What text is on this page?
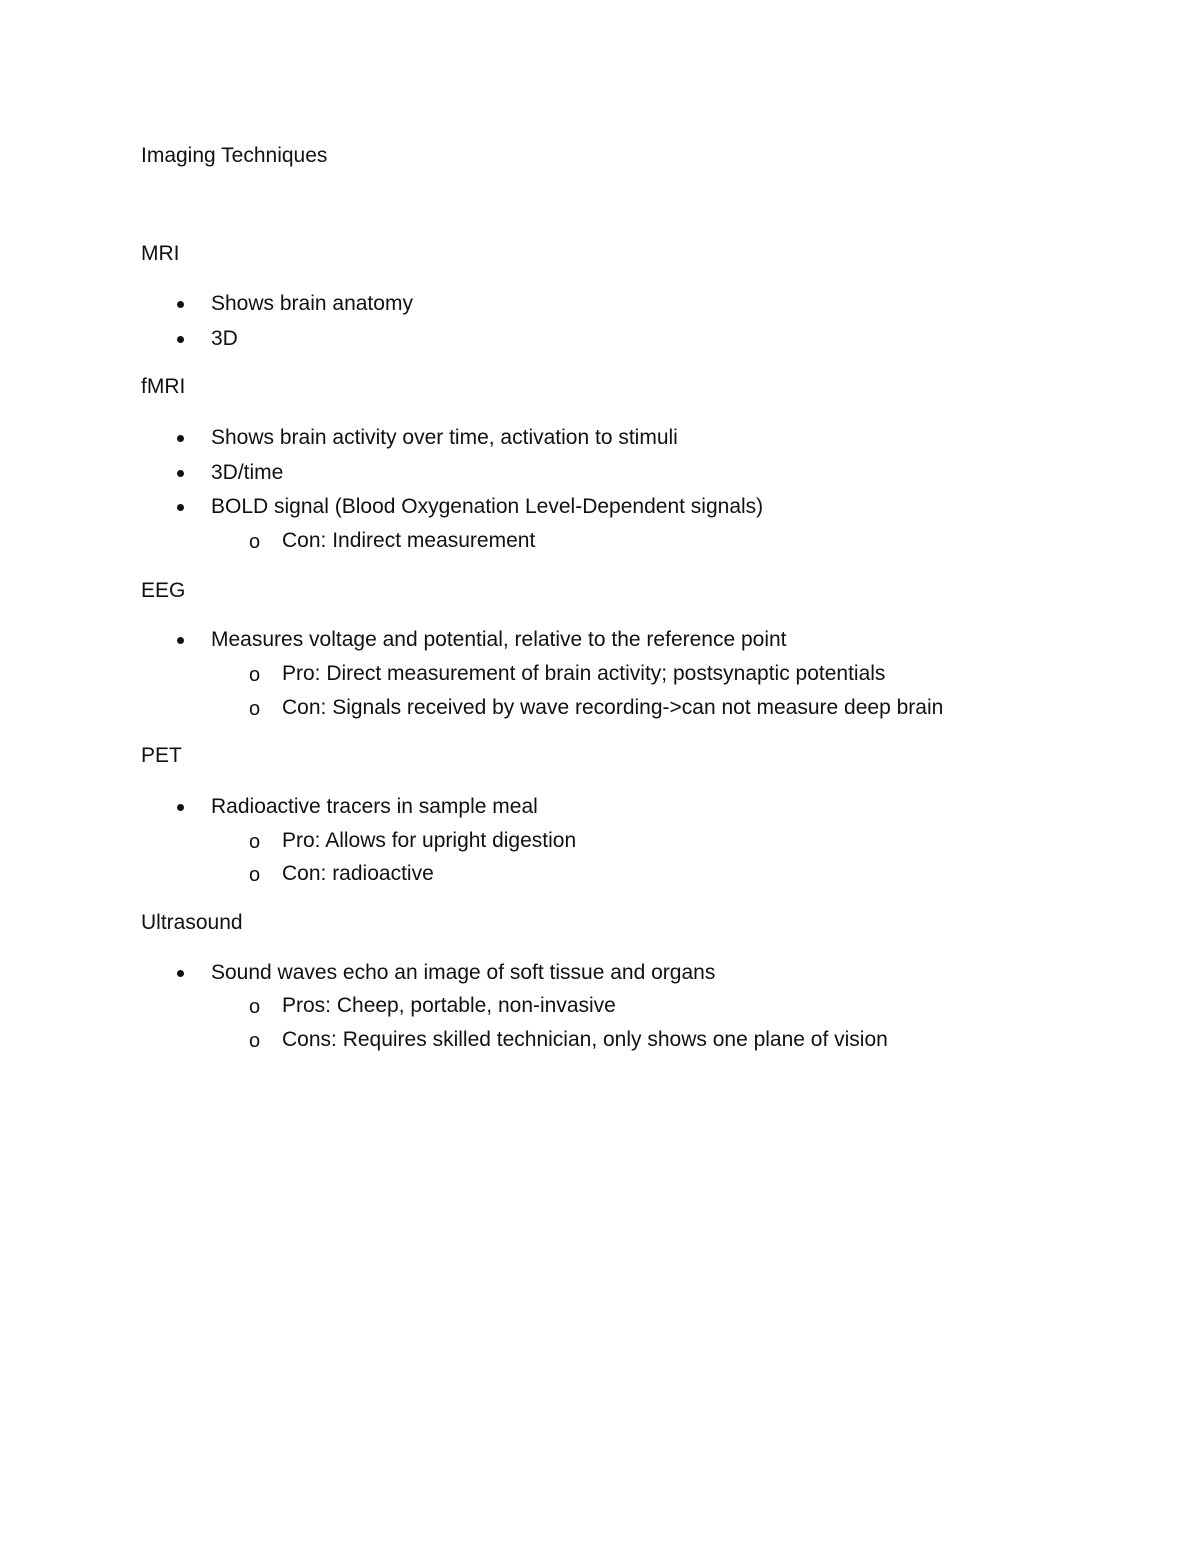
Imaging Techniques
MRI
Shows brain anatomy
3D
fMRI
Shows brain activity over time, activation to stimuli
3D/time
BOLD signal (Blood Oxygenation Level-Dependent signals)
o Con: Indirect measurement
EEG
Measures voltage and potential, relative to the reference point
o Pro: Direct measurement of brain activity; postsynaptic potentials
o Con: Signals received by wave recording->can not measure deep brain
PET
Radioactive tracers in sample meal
o Pro: Allows for upright digestion
o Con: radioactive
Ultrasound
Sound waves echo an image of soft tissue and organs
o Pros: Cheep, portable, non-invasive
o Cons: Requires skilled technician, only shows one plane of vision
